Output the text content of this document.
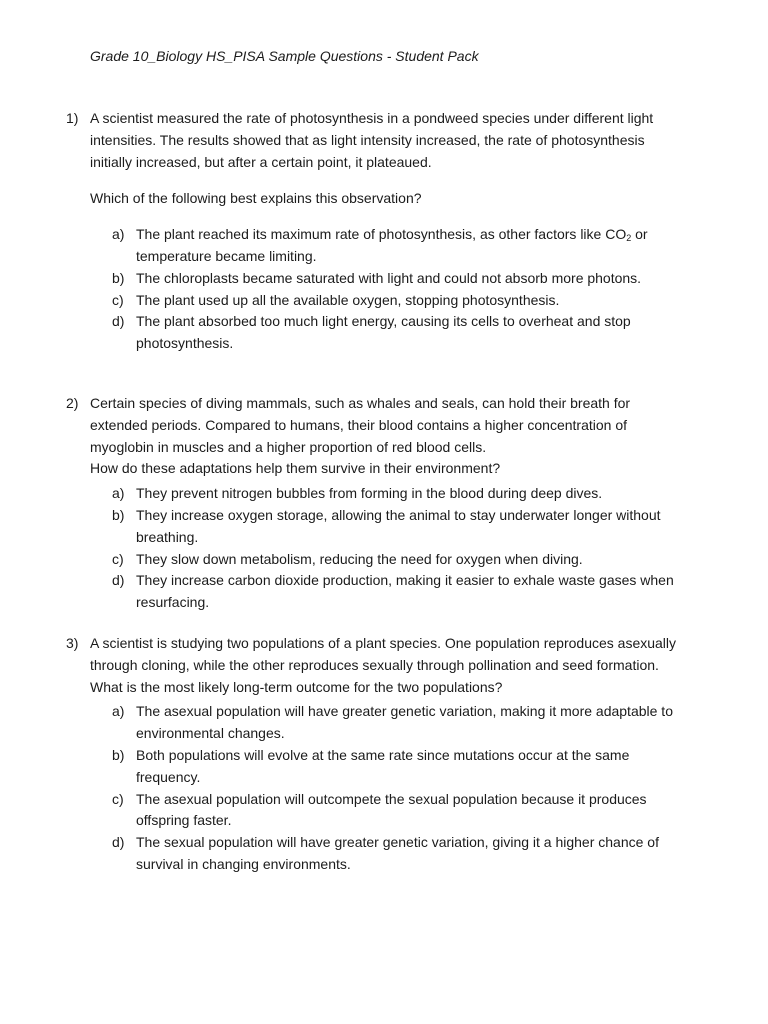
Grade 10_Biology HS_PISA Sample Questions - Student Pack
1) A scientist measured the rate of photosynthesis in a pondweed species under different light intensities. The results showed that as light intensity increased, the rate of photosynthesis initially increased, but after a certain point, it plateaued.

Which of the following best explains this observation?

a) The plant reached its maximum rate of photosynthesis, as other factors like $CO_2$ or temperature became limiting.
b) The chloroplasts became saturated with light and could not absorb more photons.
c) The plant used up all the available oxygen, stopping photosynthesis.
d) The plant absorbed too much light energy, causing its cells to overheat and stop photosynthesis.
2) Certain species of diving mammals, such as whales and seals, can hold their breath for extended periods. Compared to humans, their blood contains a higher concentration of myoglobin in muscles and a higher proportion of red blood cells.

How do these adaptations help them survive in their environment?

a) They prevent nitrogen bubbles from forming in the blood during deep dives.
b) They increase oxygen storage, allowing the animal to stay underwater longer without breathing.
c) They slow down metabolism, reducing the need for oxygen when diving.
d) They increase carbon dioxide production, making it easier to exhale waste gases when resurfacing.
3) A scientist is studying two populations of a plant species. One population reproduces asexually through cloning, while the other reproduces sexually through pollination and seed formation.

What is the most likely long-term outcome for the two populations?

a) The asexual population will have greater genetic variation, making it more adaptable to environmental changes.
b) Both populations will evolve at the same rate since mutations occur at the same frequency.
c) The asexual population will outcompete the sexual population because it produces offspring faster.
d) The sexual population will have greater genetic variation, giving it a higher chance of survival in changing environments.
